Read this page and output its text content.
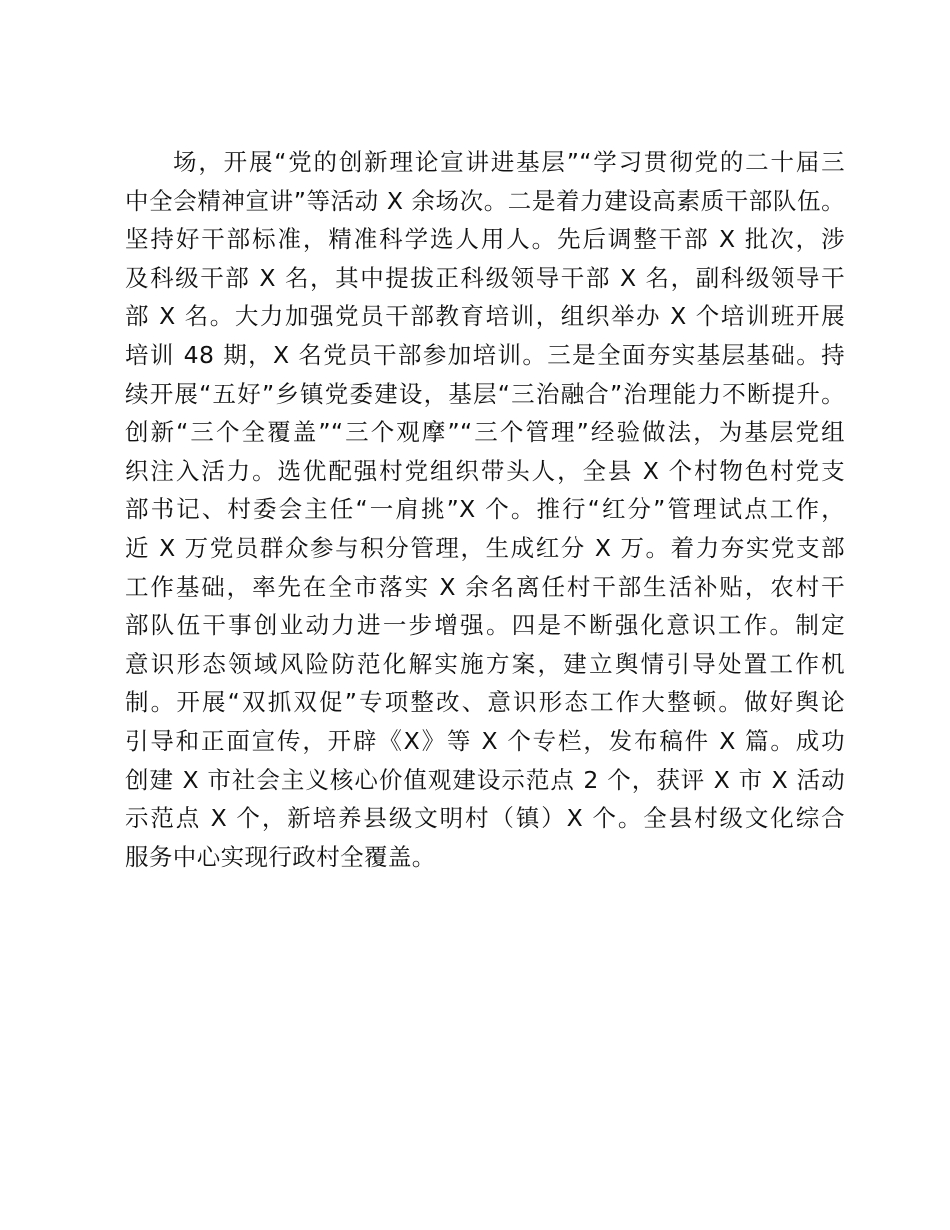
场，开展“党的创新理论宣讲进基层”“学习贯彻党的二十届三
中全会精神宣讲”等活动 X 余场次。二是着力建设高素质干部队伍。
坚持好干部标准，精准科学选人用人。先后调整干部 X 批次，涉
及科级干部 X 名，其中提拔正科级领导干部 X 名，副科级领导干
部 X 名。大力加强党员干部教育培训，组织举办 X 个培训班开展
培训 48 期，X 名党员干部参加培训。三是全面夯实基层基础。持
续开展“五好”乡镇党委建设，基层“三治融合”治理能力不断提升。
创新“三个全覆盖”“三个观摩”“三个管理”经验做法，为基层党组
织注入活力。选优配强村党组织带头人，全县 X 个村物色村党支
部书记、村委会主任“一肩挑”X 个。推行“红分”管理试点工作，
近 X 万党员群众参与积分管理，生成红分 X 万。着力夯实党支部
工作基础，率先在全市落实 X 余名离任村干部生活补贴，农村干
部队伍干事创业动力进一步增强。四是不断强化意识工作。制定
意识形态领域风险防范化解实施方案，建立舆情引导处置工作机
制。开展“双抓双促”专项整改、意识形态工作大整顿。做好舆论
引导和正面宣传，开辟《X》等 X 个专栏，发布稿件 X 篇。成功
创建 X 市社会主义核心价值观建设示范点 2 个，获评 X 市 X 活动
示范点 X 个，新培养县级文明村（镇）X 个。全县村级文化综合
服务中心实现行政村全覆盖。
